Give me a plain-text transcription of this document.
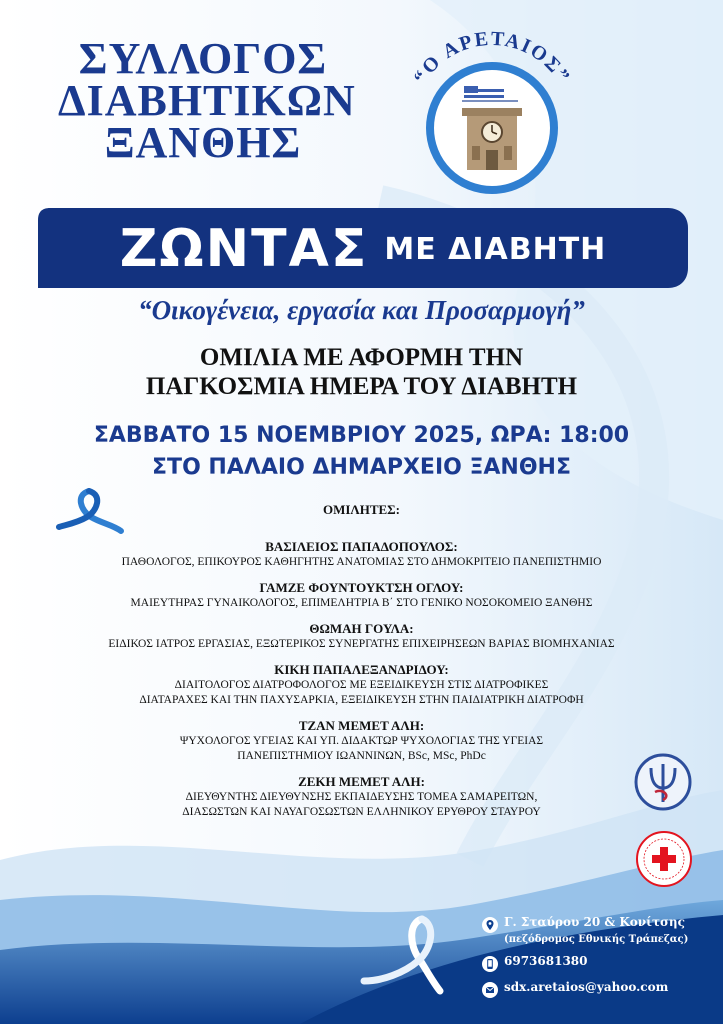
ΣΥΛΛΟΓΟΣ
ΔΙΑΒΗΤΙΚΩΝ
ΞΑΝΘΗΣ
“Ο ΑΡΕΤΑΙΟΣ”
ΖΩΝΤΑΣ ΜΕ ΔΙΑΒΗΤΗ
“Οικογένεια, εργασία και Προσαρμογή”
ΟΜΙΛΙΑ ΜΕ ΑΦΟΡΜΗ ΤΗΝ
ΠΑΓΚΟΣΜΙΑ ΗΜΕΡΑ ΤΟΥ ΔΙΑΒΗΤΗ
ΣΑΒΒΑΤΟ 15 ΝΟΕΜΒΡΙΟΥ 2025, ΩΡΑ: 18:00
ΣΤΟ ΠΑΛΑΙΟ ΔΗΜΑΡΧΕΙΟ ΞΑΝΘΗΣ
ΟΜΙΛΗΤΕΣ:
ΒΑΣΙΛΕΙΟΣ ΠΑΠΑΔΟΠΟΥΛΟΣ:
ΠΑΘΟΛΟΓΟΣ, ΕΠΙΚΟΥΡΟΣ ΚΑΘΗΓΗΤΗΣ ΑΝΑΤΟΜΙΑΣ ΣΤΟ ΔΗΜΟΚΡΙΤΕΙΟ ΠΑΝΕΠΙΣΤΗΜΙΟ
ΓΑΜΖΕ ΦΟΥΝΤΟΥΚΤΣΗ ΟΓΛΟΥ:
ΜΑΙΕΥΤΗΡΑΣ ΓΥΝΑΙΚΟΛΟΓΟΣ, ΕΠΙΜΕΛΗΤΡΙΑ Β΄ ΣΤΟ ΓΕΝΙΚΟ ΝΟΣΟΚΟΜΕΙΟ ΞΑΝΘΗΣ
ΘΩΜΑΗ ΓΟΥΛΑ:
ΕΙΔΙΚΟΣ ΙΑΤΡΟΣ ΕΡΓΑΣΙΑΣ, ΕΞΩΤΕΡΙΚΟΣ ΣΥΝΕΡΓΑΤΗΣ ΕΠΙΧΕΙΡΗΣΕΩΝ ΒΑΡΙΑΣ ΒΙΟΜΗΧΑΝΙΑΣ
ΚΙΚΗ ΠΑΠΑΛΕΞΑΝΔΡΙΔΟΥ:
ΔΙΑΙΤΟΛΟΓΟΣ ΔΙΑΤΡΟΦΟΛΟΓΟΣ ΜΕ ΕΞΕΙΔΙΚΕΥΣΗ ΣΤΙΣ ΔΙΑΤΡΟΦΙΚΕΣ
ΔΙΑΤΑΡΑΧΕΣ ΚΑΙ ΤΗΝ ΠΑΧΥΣΑΡΚΙΑ, ΕΞΕΙΔΙΚΕΥΣΗ ΣΤΗΝ ΠΑΙΔΙΑΤΡΙΚΗ ΔΙΑΤΡΟΦΗ
ΤΖΑΝ ΜΕΜΕΤ ΑΛΗ:
ΨΥΧΟΛΟΓΟΣ ΥΓΕΙΑΣ ΚΑΙ ΥΠ. ΔΙΔΑΚΤΩΡ ΨΥΧΟΛΟΓΙΑΣ ΤΗΣ ΥΓΕΙΑΣ
ΠΑΝΕΠΙΣΤΗΜΙΟΥ ΙΩΑΝΝΙΝΩΝ, BSc, MSc, PhDc
ΖΕΚΗ ΜΕΜΕΤ ΑΛΗ:
ΔΙΕΥΘΥΝΤΗΣ ΔΙΕΥΘΥΝΣΗΣ ΕΚΠΑΙΔΕΥΣΗΣ ΤΟΜΕΑ ΣΑΜΑΡΕΙΤΩΝ,
ΔΙΑΣΩΣΤΩΝ ΚΑΙ ΝΑΥΑΓΟΣΩΣΤΩΝ ΕΛΛΗΝΙΚΟΥ ΕΡΥΘΡΟΥ ΣΤΑΥΡΟΥ
Γ. Σταύρου 20 & Κονίτσης
(πεζόδρομος Εθνικής Τράπεζας)
6973681380
sdx.aretaios@yahoo.com
